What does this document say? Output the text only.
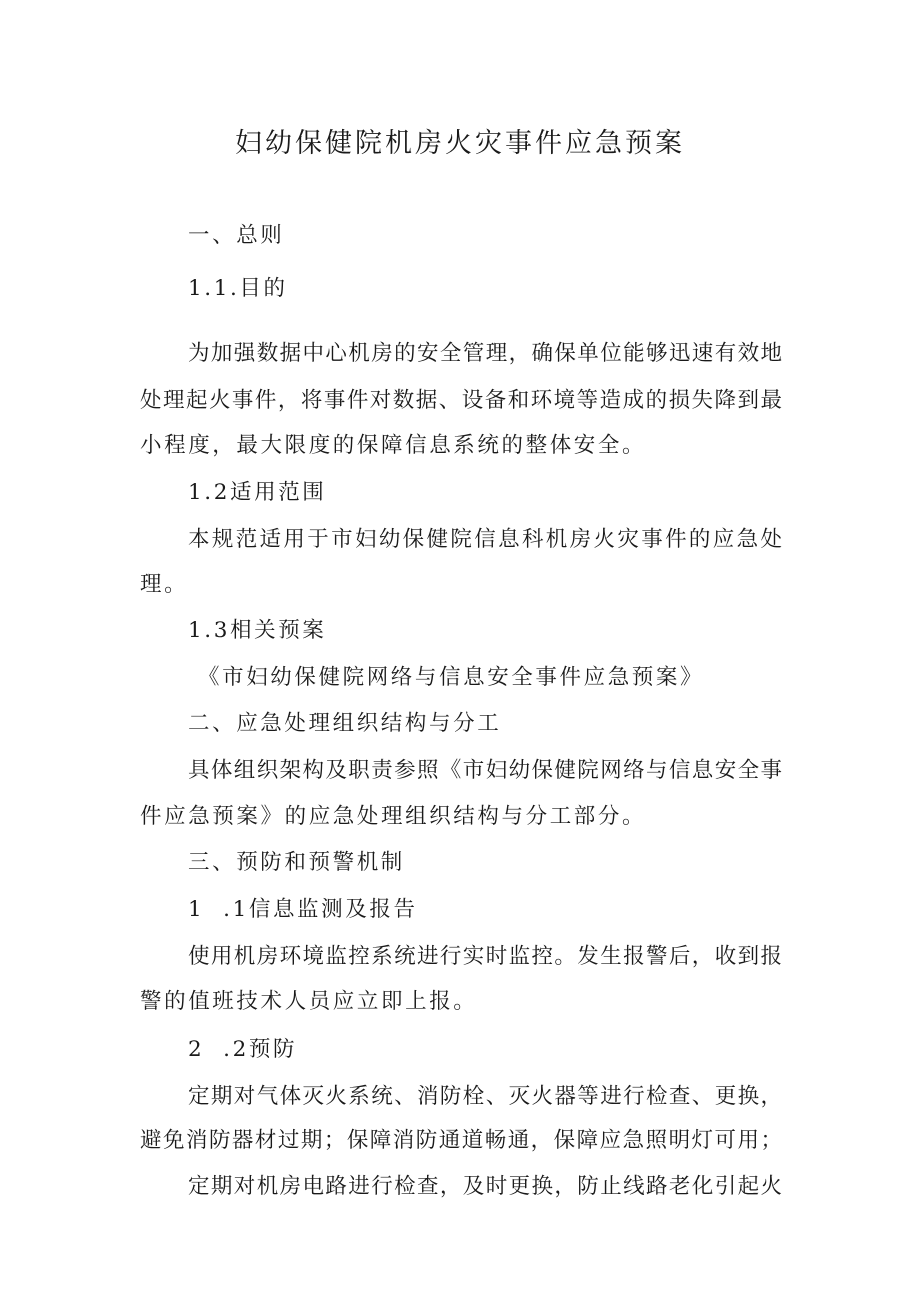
妇幼保健院机房火灾事件应急预案
一、总则
1.1.目的
为加强数据中心机房的安全管理，确保单位能够迅速有效地
处理起火事件，将事件对数据、设备和环境等造成的损失降到最
小程度，最大限度的保障信息系统的整体安全。
1.2适用范围
本规范适用于市妇幼保健院信息科机房火灾事件的应急处
理。
1.3相关预案
《市妇幼保健院网络与信息安全事件应急预案》
二、应急处理组织结构与分工
具体组织架构及职责参照《市妇幼保健院网络与信息安全事
件应急预案》的应急处理组织结构与分工部分。
三、预防和预警机制
1  .1信息监测及报告
使用机房环境监控系统进行实时监控。发生报警后，收到报
警的值班技术人员应立即上报。
2  .2预防
定期对气体灭火系统、消防栓、灭火器等进行检查、更换，
避免消防器材过期；保障消防通道畅通，保障应急照明灯可用；
定期对机房电路进行检查，及时更换，防止线路老化引起火
